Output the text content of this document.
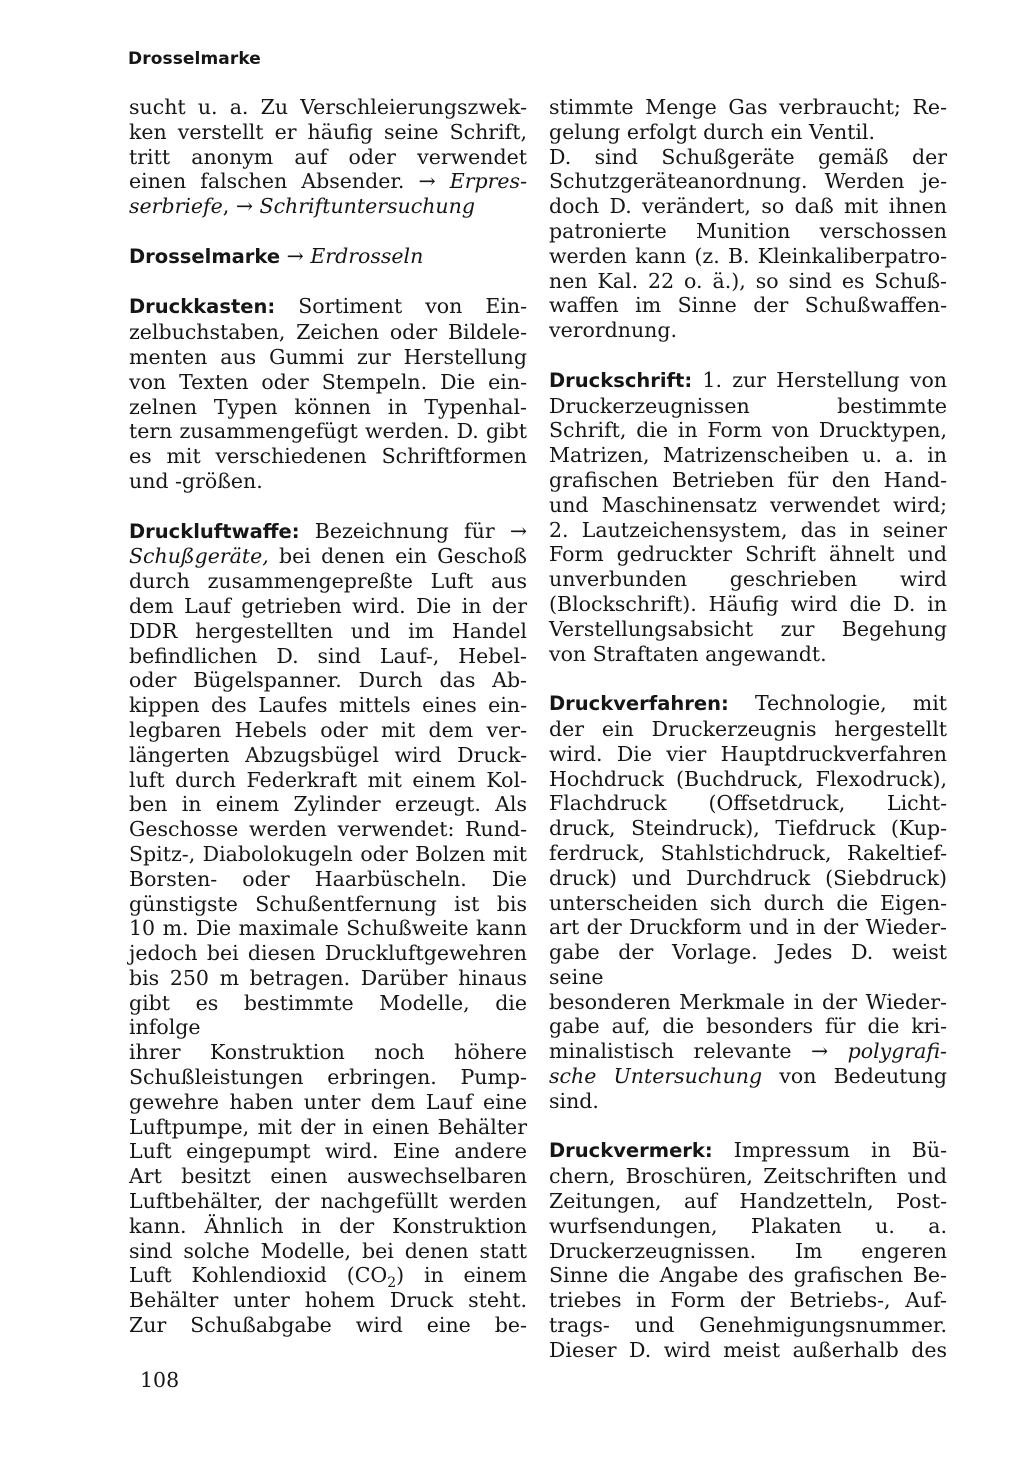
Drosselmarke
sucht u. a. Zu Verschleierungszwek-
ken verstellt er häufig seine Schrift,
tritt anonym auf oder verwendet
einen falschen Absender. → Erpres-
serbriefe, → Schriftuntersuchung
Drosselmarke → Erdrosseln
Druckkasten: Sortiment von Ein-
zelbuchstaben, Zeichen oder Bildele-
menten aus Gummi zur Herstellung
von Texten oder Stempeln. Die ein-
zelnen Typen können in Typenhal-
tern zusammengefügt werden. D. gibt
es mit verschiedenen Schriftformen
und -größen.
Druckluftwaffe: Bezeichnung für →
Schußgeräte, bei denen ein Geschoß
durch zusammengepreßte Luft aus
dem Lauf getrieben wird. Die in der
DDR hergestellten und im Handel
befindlichen D. sind Lauf-, Hebel-
oder Bügelspanner. Durch das Ab-
kippen des Laufes mittels eines ein-
legbaren Hebels oder mit dem ver-
längerten Abzugsbügel wird Druck-
luft durch Federkraft mit einem Kol-
ben in einem Zylinder erzeugt. Als
Geschosse werden verwendet: Rund-
Spitz-, Diabolokugeln oder Bolzen mit
Borsten- oder Haarbüscheln. Die
günstigste Schußentfernung ist bis
10 m. Die maximale Schußweite kann
jedoch bei diesen Druckluftgewehren
bis 250 m betragen. Darüber hinaus
gibt es bestimmte Modelle, die infolge
ihrer Konstruktion noch höhere
Schußleistungen erbringen. Pump-
gewehre haben unter dem Lauf eine
Luftpumpe, mit der in einen Behälter
Luft eingepumpt wird. Eine andere
Art besitzt einen auswechselbaren
Luftbehälter, der nachgefüllt werden
kann. Ähnlich in der Konstruktion
sind solche Modelle, bei denen statt
Luft Kohlendioxid $(CO_2)$ in einem
Behälter unter hohem Druck steht.
Zur Schußabgabe wird eine be-
stimmte Menge Gas verbraucht; Re-
gelung erfolgt durch ein Ventil.
D. sind Schußgeräte gemäß der
Schutzgeräteanordnung. Werden je-
doch D. verändert, so daß mit ihnen
patronierte Munition verschossen
werden kann (z. B. Kleinkaliberpatro-
nen Kal. 22 o. ä.), so sind es Schuß-
waffen im Sinne der Schußwaffen-
verordnung.
Druckschrift: 1. zur Herstellung von
Druckerzeugnissen bestimmte
Schrift, die in Form von Drucktypen,
Matrizen, Matrizenscheiben u. a. in
grafischen Betrieben für den Hand-
und Maschinensatz verwendet wird;
2. Lautzeichensystem, das in seiner
Form gedruckter Schrift ähnelt und
unverbunden geschrieben wird
(Blockschrift). Häufig wird die D. in
Verstellungsabsicht zur Begehung
von Straftaten angewandt.
Druckverfahren: Technologie, mit
der ein Druckerzeugnis hergestellt
wird. Die vier Hauptdruckverfahren
Hochdruck (Buchdruck, Flexodruck),
Flachdruck (Offsetdruck, Licht-
druck, Steindruck), Tiefdruck (Kup-
ferdruck, Stahlstichdruck, Rakeltief-
druck) und Durchdruck (Siebdruck)
unterscheiden sich durch die Eigen-
art der Druckform und in der Wieder-
gabe der Vorlage. Jedes D. weist seine
besonderen Merkmale in der Wieder-
gabe auf, die besonders für die kri-
minalistisch relevante → polygrafi-
sche Untersuchung von Bedeutung
sind.
Druckvermerk: Impressum in Bü-
chern, Broschüren, Zeitschriften und
Zeitungen, auf Handzetteln, Post-
wurfsendungen, Plakaten u. a.
Druckerzeugnissen. Im engeren
Sinne die Angabe des grafischen Be-
triebes in Form der Betriebs-, Auf-
trags- und Genehmigungsnummer.
Dieser D. wird meist außerhalb des
108
